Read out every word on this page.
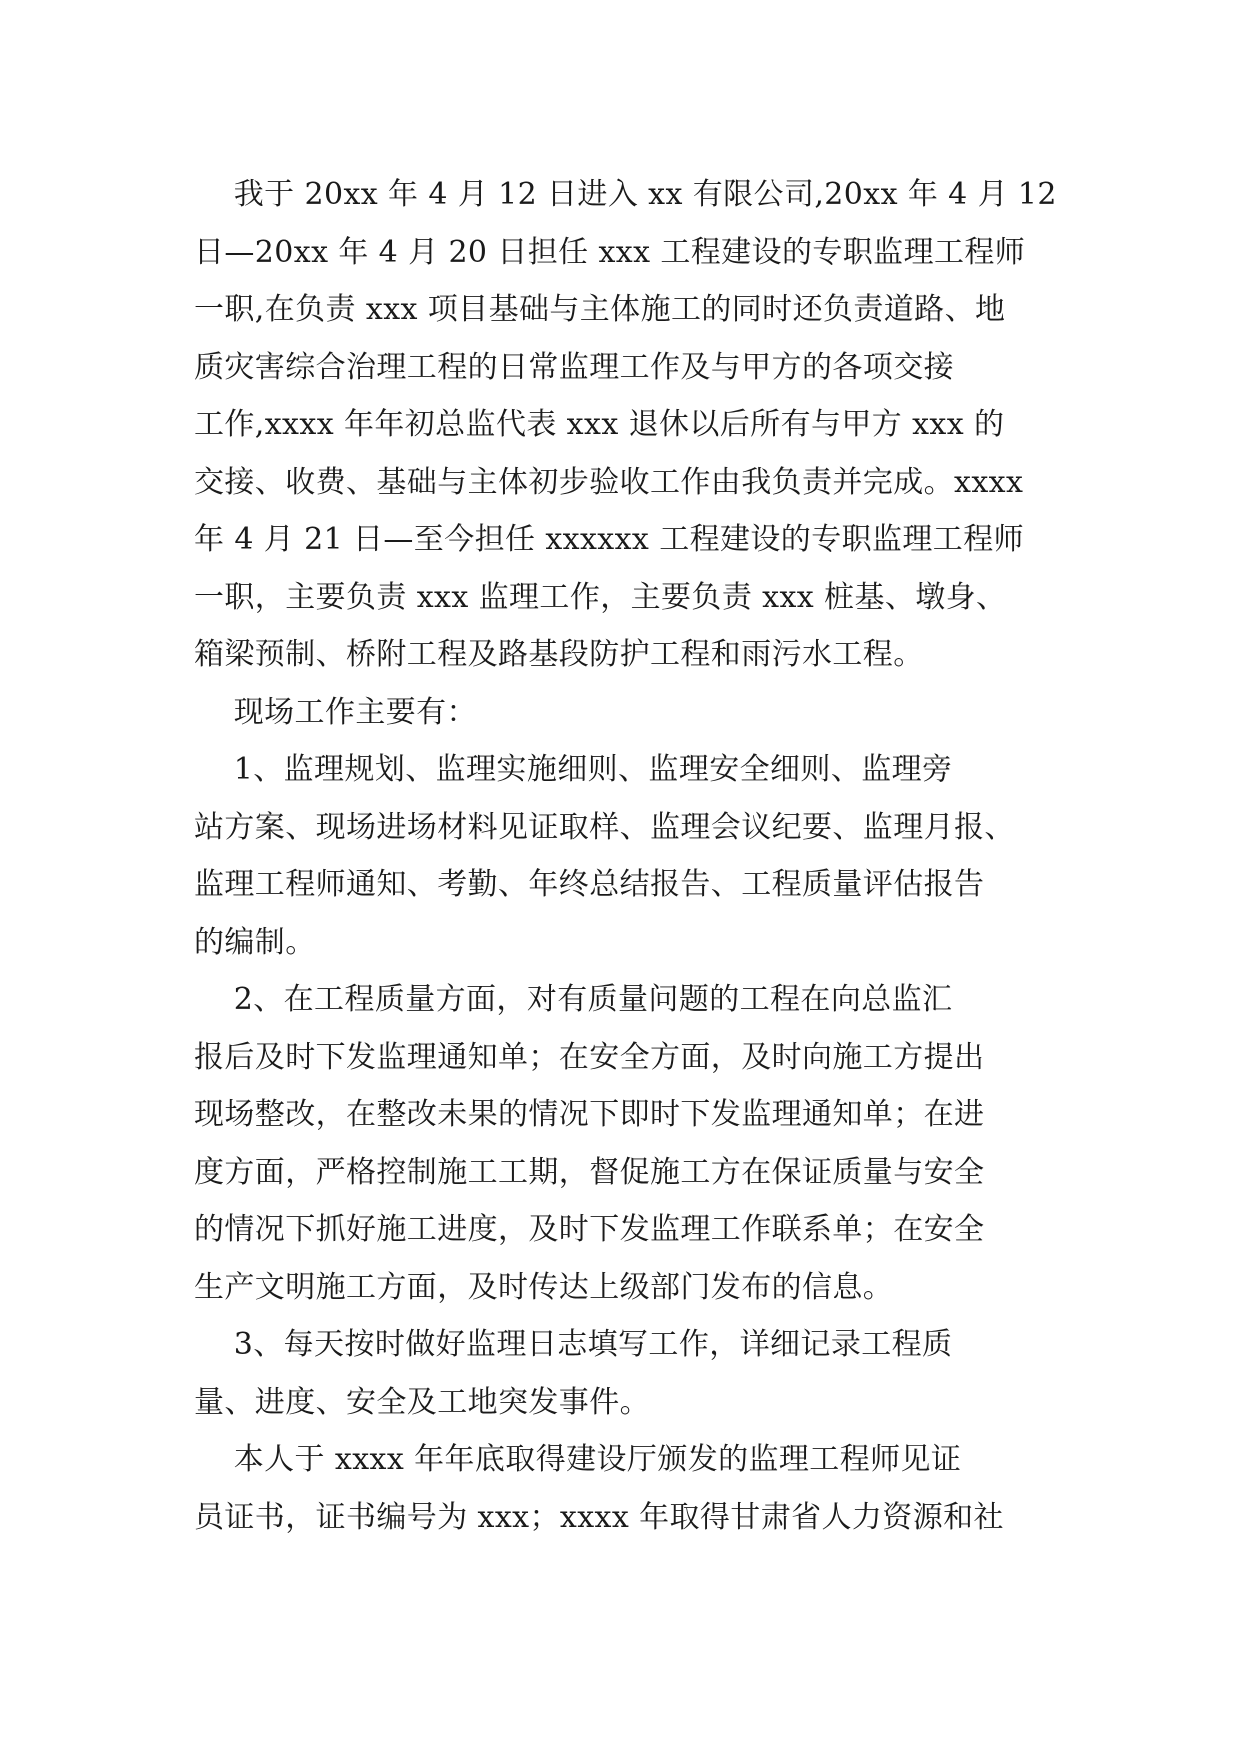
我于 20xx 年 4 月 12 日进入 xx 有限公司,20xx 年 4 月 12
日—20xx 年 4 月 20 日担任 xxx 工程建设的专职监理工程师
一职,在负责 xxx 项目基础与主体施工的同时还负责道路、地
质灾害综合治理工程的日常监理工作及与甲方的各项交接
工作,xxxx 年年初总监代表 xxx 退休以后所有与甲方 xxx 的
交接、收费、基础与主体初步验收工作由我负责并完成。xxxx
年 4 月 21 日—至今担任 xxxxxx 工程建设的专职监理工程师
一职，主要负责 xxx 监理工作，主要负责 xxx 桩基、墩身、
箱梁预制、桥附工程及路基段防护工程和雨污水工程。
现场工作主要有：
1、监理规划、监理实施细则、监理安全细则、监理旁
站方案、现场进场材料见证取样、监理会议纪要、监理月报、
监理工程师通知、考勤、年终总结报告、工程质量评估报告
的编制。
2、在工程质量方面，对有质量问题的工程在向总监汇
报后及时下发监理通知单；在安全方面，及时向施工方提出
现场整改，在整改未果的情况下即时下发监理通知单；在进
度方面，严格控制施工工期，督促施工方在保证质量与安全
的情况下抓好施工进度，及时下发监理工作联系单；在安全
生产文明施工方面，及时传达上级部门发布的信息。
3、每天按时做好监理日志填写工作，详细记录工程质
量、进度、安全及工地突发事件。
本人于 xxxx 年年底取得建设厅颁发的监理工程师见证
员证书，证书编号为 xxx；xxxx 年取得甘肃省人力资源和社
